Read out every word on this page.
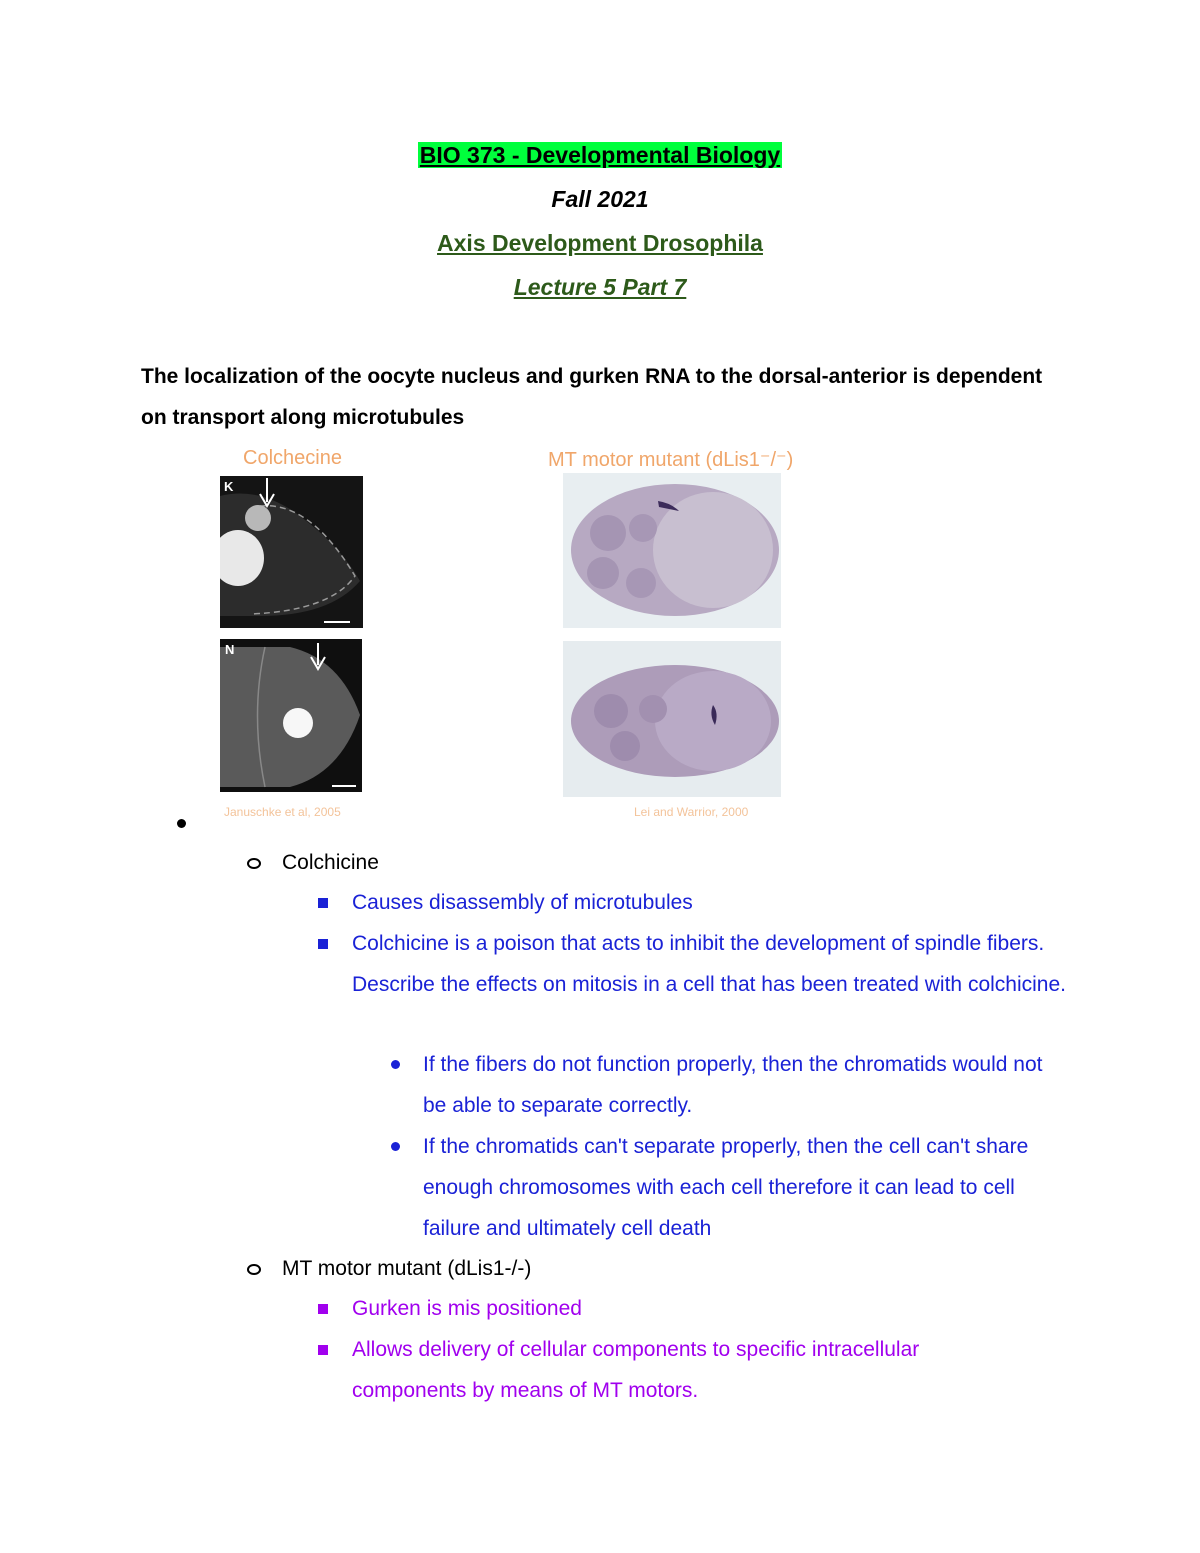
BIO 373 - Developmental Biology
Fall 2021
Axis Development Drosophila
Lecture 5 Part 7
The localization of the oocyte nucleus and gurken RNA to the dorsal-anterior is dependent on transport along microtubules
Colchecine	MT motor mutant (dLis1⁻/⁻)
K
N
Januschke et al, 2005	Lei and Warrior, 2000
Colchicine
Causes disassembly of microtubules
Colchicine is a poison that acts to inhibit the development of spindle fibers. Describe the effects on mitosis in a cell that has been treated with colchicine.
If the fibers do not function properly, then the chromatids would not be able to separate correctly.
If the chromatids can't separate properly, then the cell can't share enough chromosomes with each cell therefore it can lead to cell failure and ultimately cell death
MT motor mutant (dLis1-/-)
Gurken is mis positioned
Allows delivery of cellular components to specific intracellular components by means of MT motors.
